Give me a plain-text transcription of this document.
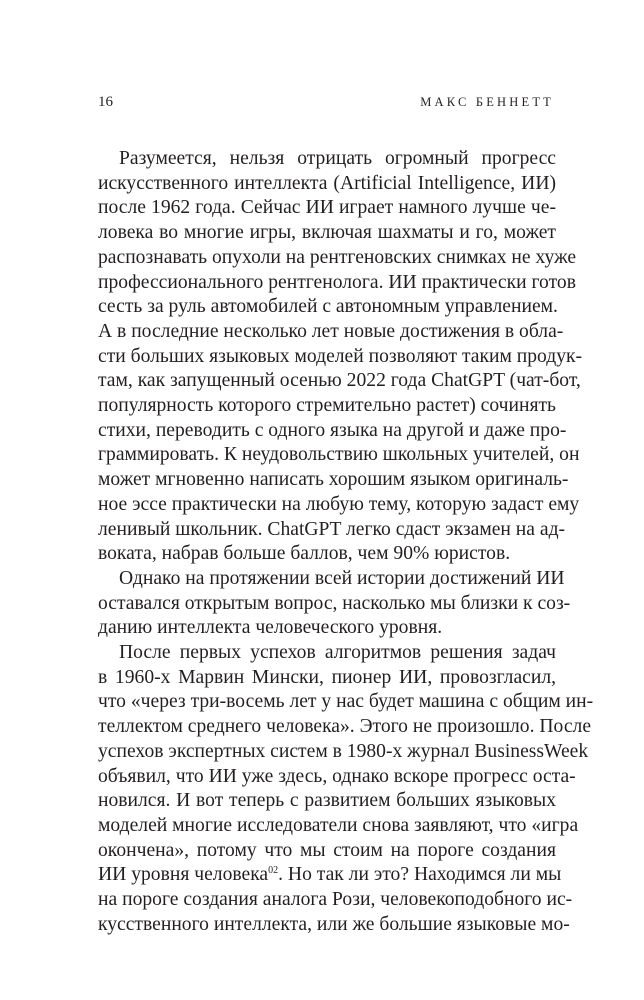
16	МАКС БЕННЕТТ

Разумеется, нельзя отрицать огромный прогресс
искусственного интеллекта (Artificial Intelligence, ИИ)
после 1962 года. Сейчас ИИ играет намного лучше че-
ловека во многие игры, включая шахматы и го, может
распознавать опухоли на рентгеновских снимках не хуже
профессионального рентгенолога. ИИ практически готов
сесть за руль автомобилей с автономным управлением.
А в последние несколько лет новые достижения в обла-
сти больших языковых моделей позволяют таким продук-
там, как запущенный осенью 2022 года ChatGPT (чат-бот,
популярность которого стремительно растет) сочинять
стихи, переводить с одного языка на другой и даже про-
граммировать. К неудовольствию школьных учителей, он
может мгновенно написать хорошим языком оригиналь-
ное эссе практически на любую тему, которую задаст ему
ленивый школьник. ChatGPT легко сдаст экзамен на ад-
воката, набрав больше баллов, чем 90% юристов.

Однако на протяжении всей истории достижений ИИ
оставался открытым вопрос, насколько мы близки к соз-
данию интеллекта человеческого уровня.

После первых успехов алгоритмов решения задач
в 1960-х Марвин Мински, пионер ИИ, провозгласил,
что «через три-восемь лет у нас будет машина с общим ин-
теллектом среднего человека». Этого не произошло. После
успехов экспертных систем в 1980-х журнал BusinessWeek
объявил, что ИИ уже здесь, однако вскоре прогресс оста-
новился. И вот теперь с развитием больших языковых
моделей многие исследователи снова заявляют, что «игра
окончена», потому что мы стоим на пороге создания
ИИ уровня человека$^{02}$. Но так ли это? Находимся ли мы
на пороге создания аналога Рози, человекоподобного ис-
кусственного интеллекта, или же большие языковые мо-
